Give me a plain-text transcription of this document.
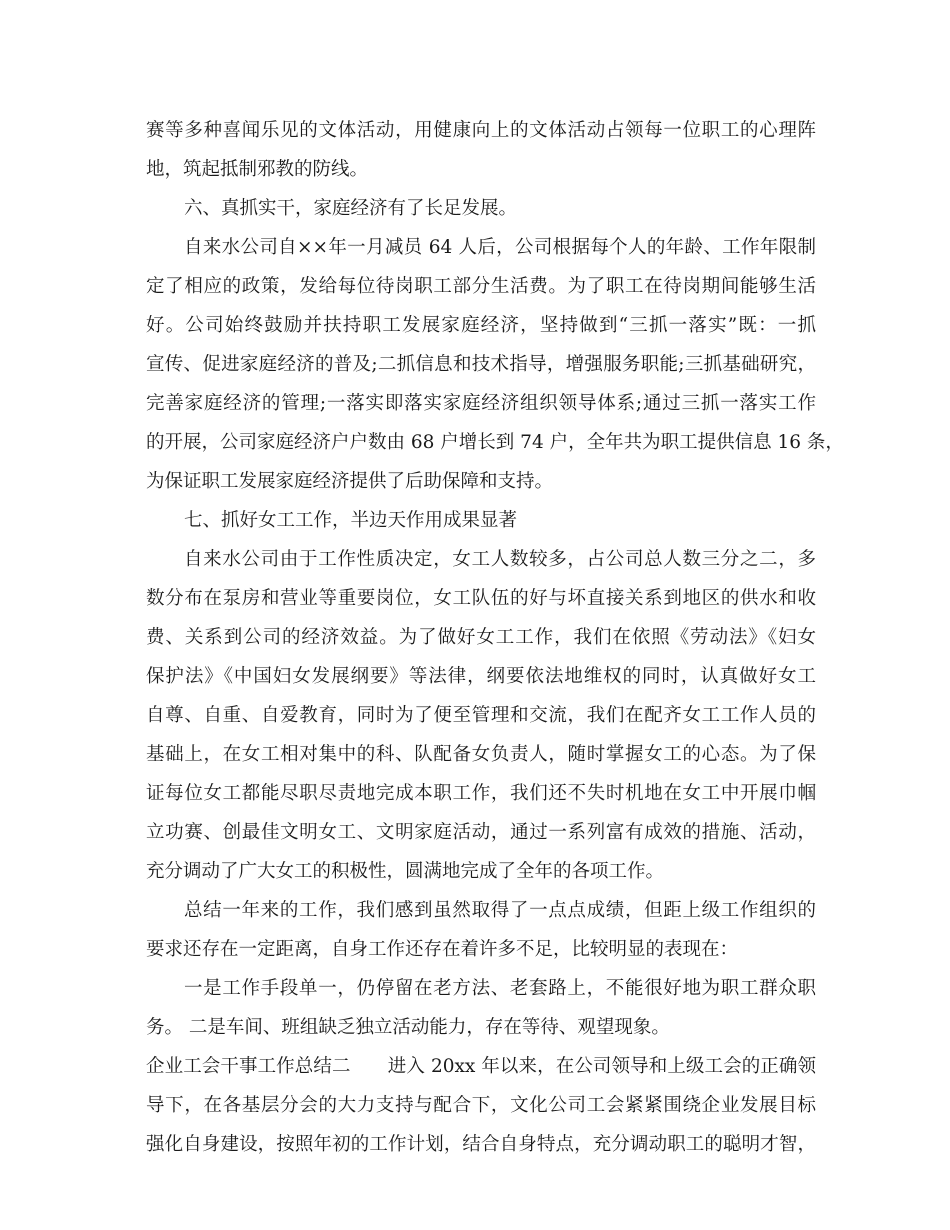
赛等多种喜闻乐见的文体活动，用健康向上的文体活动占领每一位职工的心理阵
地，筑起抵制邪教的防线。
六、真抓实干，家庭经济有了长足发展。
自来水公司自××年一月减员 64 人后，公司根据每个人的年龄、工作年限制
定了相应的政策，发给每位待岗职工部分生活费。为了职工在待岗期间能够生活
好。公司始终鼓励并扶持职工发展家庭经济，坚持做到“三抓一落实”既：一抓
宣传、促进家庭经济的普及;二抓信息和技术指导，增强服务职能;三抓基础研究，
完善家庭经济的管理;一落实即落实家庭经济组织领导体系;通过三抓一落实工作
的开展，公司家庭经济户户数由 68 户增长到 74 户，全年共为职工提供信息 16 条，
为保证职工发展家庭经济提供了后助保障和支持。
七、抓好女工工作，半边天作用成果显著
自来水公司由于工作性质决定，女工人数较多，占公司总人数三分之二，多
数分布在泵房和营业等重要岗位，女工队伍的好与坏直接关系到地区的供水和收
费、关系到公司的经济效益。为了做好女工工作，我们在依照《劳动法》《妇女
保护法》《中国妇女发展纲要》等法律，纲要依法地维权的同时，认真做好女工
自尊、自重、自爱教育，同时为了便至管理和交流，我们在配齐女工工作人员的
基础上，在女工相对集中的科、队配备女负责人，随时掌握女工的心态。为了保
证每位女工都能尽职尽责地完成本职工作，我们还不失时机地在女工中开展巾帼
立功赛、创最佳文明女工、文明家庭活动，通过一系列富有成效的措施、活动，
充分调动了广大女工的积极性，圆满地完成了全年的各项工作。
总结一年来的工作，我们感到虽然取得了一点点成绩，但距上级工作组织的
要求还存在一定距离，自身工作还存在着许多不足，比较明显的表现在：
一是工作手段单一，仍停留在老方法、老套路上，不能很好地为职工群众职
务。 二是车间、班组缺乏独立活动能力，存在等待、观望现象。
企业工会干事工作总结二　　进入 20xx 年以来，在公司领导和上级工会的正确领
导下，在各基层分会的大力支持与配合下，文化公司工会紧紧围绕企业发展目标
强化自身建设，按照年初的工作计划，结合自身特点，充分调动职工的聪明才智，
